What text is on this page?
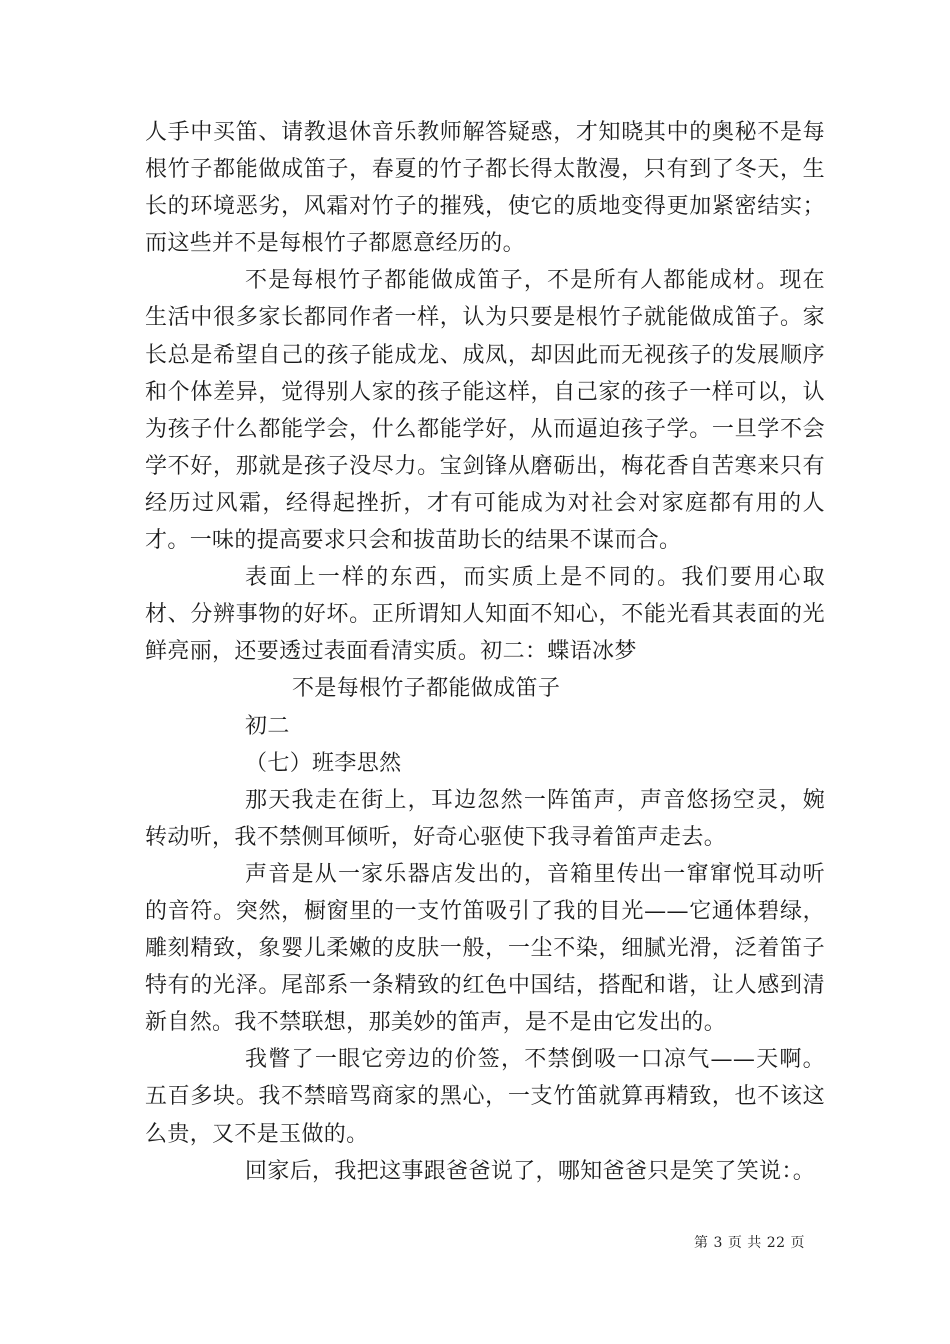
人手中买笛、请教退休音乐教师解答疑惑，才知晓其中的奥秘不是每根竹子都能做成笛子，春夏的竹子都长得太散漫，只有到了冬天，生长的环境恶劣，风霜对竹子的摧残，使它的质地变得更加紧密结实；而这些并不是每根竹子都愿意经历的。

不是每根竹子都能做成笛子，不是所有人都能成材。现在生活中很多家长都同作者一样，认为只要是根竹子就能做成笛子。家长总是希望自己的孩子能成龙、成凤，却因此而无视孩子的发展顺序和个体差异，觉得别人家的孩子能这样，自己家的孩子一样可以，认为孩子什么都能学会，什么都能学好，从而逼迫孩子学。一旦学不会学不好，那就是孩子没尽力。宝剑锋从磨砺出，梅花香自苦寒来只有经历过风霜，经得起挫折，才有可能成为对社会对家庭都有用的人才。一味的提高要求只会和拔苗助长的结果不谋而合。

表面上一样的东西，而实质上是不同的。我们要用心取材、分辨事物的好坏。正所谓知人知面不知心，不能光看其表面的光鲜亮丽，还要透过表面看清实质。初二：蝶语冰梦

不是每根竹子都能做成笛子

初二

（七）班李思然

那天我走在街上，耳边忽然一阵笛声，声音悠扬空灵，婉转动听，我不禁侧耳倾听，好奇心驱使下我寻着笛声走去。

声音是从一家乐器店发出的，音箱里传出一窜窜悦耳动听的音符。突然，橱窗里的一支竹笛吸引了我的目光——它通体碧绿，雕刻精致，象婴儿柔嫩的皮肤一般，一尘不染，细腻光滑，泛着笛子特有的光泽。尾部系一条精致的红色中国结，搭配和谐，让人感到清新自然。我不禁联想，那美妙的笛声，是不是由它发出的。

我瞥了一眼它旁边的价签，不禁倒吸一口凉气——天啊。五百多块。我不禁暗骂商家的黑心，一支竹笛就算再精致，也不该这么贵，又不是玉做的。

回家后，我把这事跟爸爸说了，哪知爸爸只是笑了笑说：。

第 3 页 共 22 页
